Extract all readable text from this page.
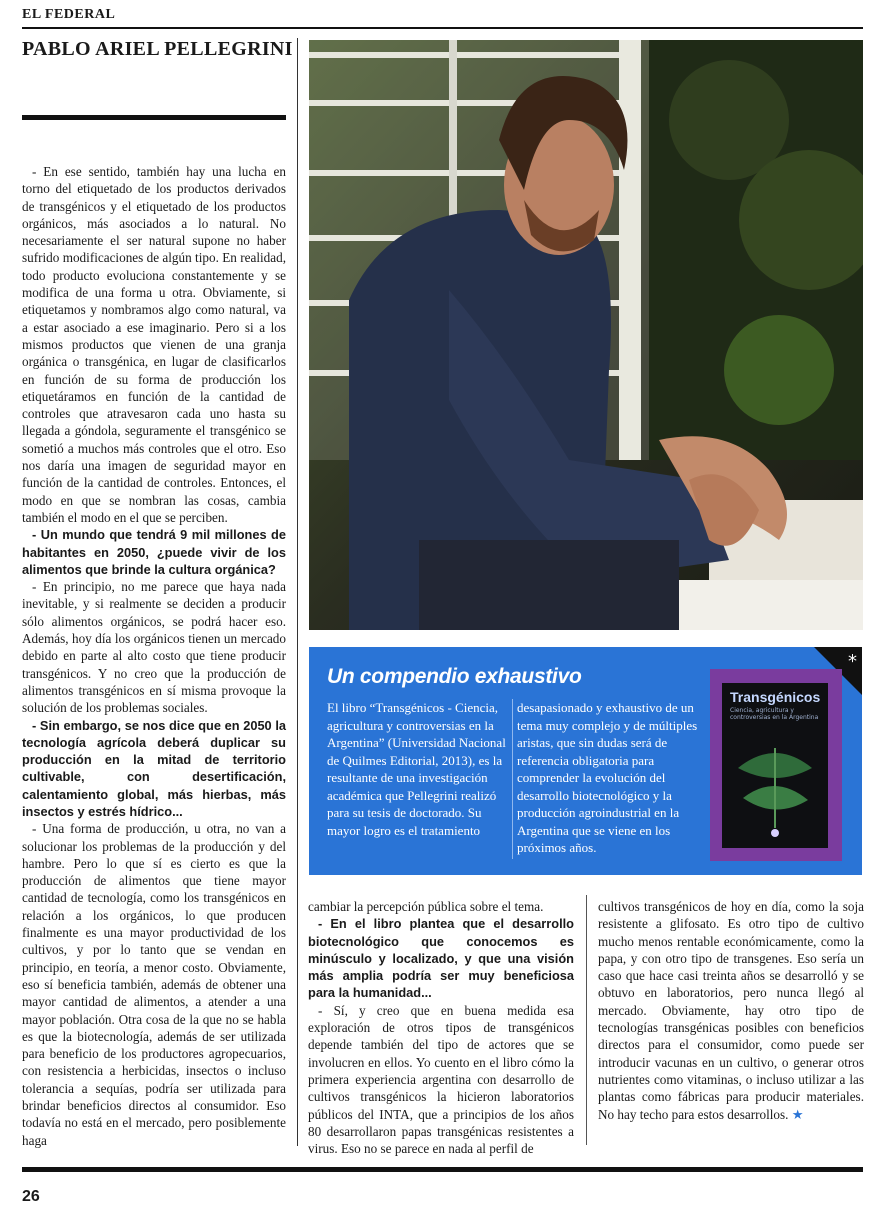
EL FEDERAL
PABLO ARIEL PELLEGRINI

- En ese sentido, también hay una lucha en torno del etiquetado de los productos derivados de transgénicos y el etiquetado de los productos orgánicos, más asociados a lo natural. No necesariamente el ser natural supone no haber sufrido modificaciones de algún tipo. En realidad, todo producto evoluciona constantemente y se modifica de una forma u otra. Obviamente, si etiquetamos y nombramos algo como natural, va a estar asociado a ese imaginario. Pero si a los mismos productos que vienen de una granja orgánica o transgénica, en lugar de clasificarlos en función de su forma de producción los etiquetáramos en función de la cantidad de controles que atravesaron cada uno hasta su llegada a góndola, seguramente el transgénico se sometió a muchos más controles que el otro. Eso nos daría una imagen de seguridad mayor en función de la cantidad de controles. Entonces, el modo en que se nombran las cosas, cambia también el modo en el que se perciben.

- Un mundo que tendrá 9 mil millones de habitantes en 2050, ¿puede vivir de los alimentos que brinde la cultura orgánica?

- En principio, no me parece que haya nada inevitable, y si realmente se deciden a producir sólo alimentos orgánicos, se podrá hacer eso. Además, hoy día los orgánicos tienen un mercado debido en parte al alto costo que tiene producir transgénicos. Y no creo que la producción de alimentos transgénicos en sí misma provoque la solución de los problemas sociales.

- Sin embargo, se nos dice que en 2050 la tecnología agrícola deberá duplicar su producción en la mitad de territorio cultivable, con desertificación, calentamiento global, más hierbas, más insectos y estrés hídrico...

- Una forma de producción, u otra, no van a solucionar los problemas de la producción y del hambre. Pero lo que sí es cierto es que la producción de alimentos que tiene mayor cantidad de tecnología, como los transgénicos en relación a los orgánicos, lo que producen finalmente es una mayor productividad de los cultivos, y por lo tanto que se vendan en principio, en teoría, a menor costo. Obviamente, eso sí beneficia también, además de obtener una mayor cantidad de alimentos, a atender a una mayor población. Otra cosa de la que no se habla es que la biotecnología, además de ser utilizada para beneficio de los productores agropecuarios, con resistencia a herbicidas, insectos o incluso tolerancia a sequías, podría ser utilizada para brindar beneficios directos al consumidor. Eso todavía no está en el mercado, pero posiblemente haga

*
Un compendio exhaustivo
El libro “Transgénicos - Ciencia, agricultura y controversias en la Argentina” (Universidad Nacional de Quilmes Editorial, 2013), es la resultante de una investigación académica que Pellegrini realizó para su tesis de doctorado. Su mayor logro es el tratamiento
desapasionado y exhaustivo de un tema muy complejo y de múltiples aristas, que sin dudas será de referencia obligatoria para comprender la evolución del desarrollo biotecnológico y la producción agroindustrial en la Argentina que se viene en los próximos años.
Transgénicos
Ciencia, agricultura y controversias en la Argentina

cambiar la percepción pública sobre el tema.

- En el libro plantea que el desarrollo biotecnológico que conocemos es minúsculo y localizado, y que una visión más amplia podría ser muy beneficiosa para la humanidad...

- Sí, y creo que en buena medida esa exploración de otros tipos de transgénicos depende también del tipo de actores que se involucren en ellos. Yo cuento en el libro cómo la primera experiencia argentina con desarrollo de cultivos transgénicos la hicieron laboratorios públicos del INTA, que a principios de los años 80 desarrollaron papas transgénicas resistentes a virus. Eso no se parece en nada al perfil de

cultivos transgénicos de hoy en día, como la soja resistente a glifosato. Es otro tipo de cultivo mucho menos rentable económicamente, como la papa, y con otro tipo de transgenes. Eso sería un caso que hace casi treinta años se desarrolló y se obtuvo en laboratorios, pero nunca llegó al mercado. Obviamente, hay otro tipo de tecnologías transgénicas posibles con beneficios directos para el consumidor, como puede ser introducir vacunas en un cultivo, o generar otros nutrientes como vitaminas, o incluso utilizar a las plantas como fábricas para producir materiales. No hay techo para estos desarrollos. ★

26
